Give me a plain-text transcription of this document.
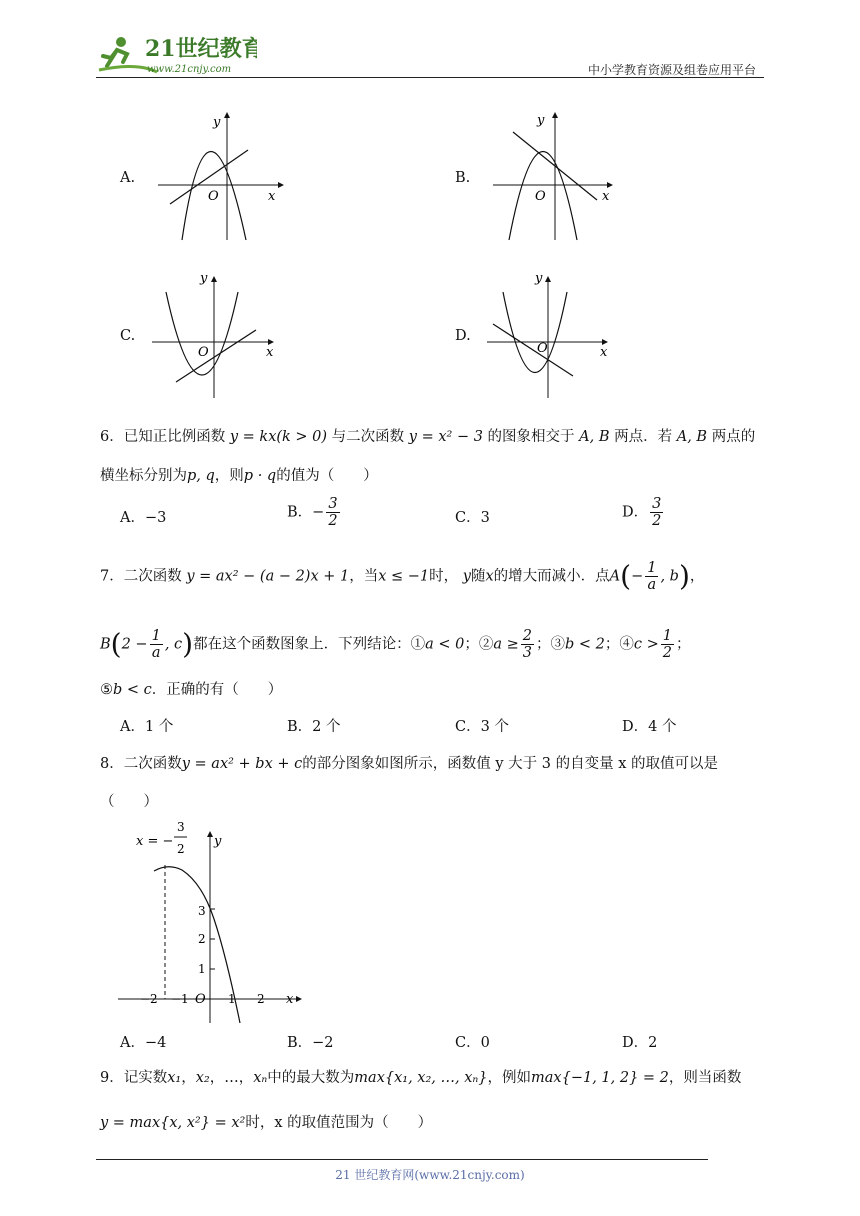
21世纪教育
www.21cnjy.com	中小学教育资源及组卷应用平台
A.	B.
C.	D.
x
y
O	x
y
O
x
y
O	x
y
O
6．已知正比例函数 y = kx(k > 0) 与二次函数 y = x² − 3 的图象相交于 A, B 两点．若 A, B 两点的
横坐标分别为p, q，则p · q的值为（　　）
A．−3	B．− $\frac{3}{2}$	C．3	D． $\frac{3}{2}$
7．二次函数 y = ax² − (a − 2)x + 1，当x ≤ −1时， y随x的增大而减小．点$A(- \frac{1}{a}$ , b)，
$B(2 - \frac{1}{a}$ , c)都在这个函数图象上．下列结论：①a < 0；②a ≥ $\frac{2}{3}$ ；③b < 2；④c > $\frac{1}{2}$ ；
⑤b < c．正确的有（　　）
A．1 个	B．2 个	C．3 个	D．4 个
8．二次函数y = ax² + bx + c的部分图象如图所示，函数值 y 大于 3 的自变量 x 的取值可以是
（　　）
x = −
3
2 y
x
O
1
2
3
−2 −1	1 2
A．−4	B．−2	C．0	D．2
9．记实数x₁，x₂，…，xₙ中的最大数为max{x₁, x₂, …, xₙ}，例如max{−1, 1, 2} = 2，则当函数
y = max{x, x²} = x²时，x 的取值范围为（　　）
21 世纪教育网(www.21cnjy.com)
